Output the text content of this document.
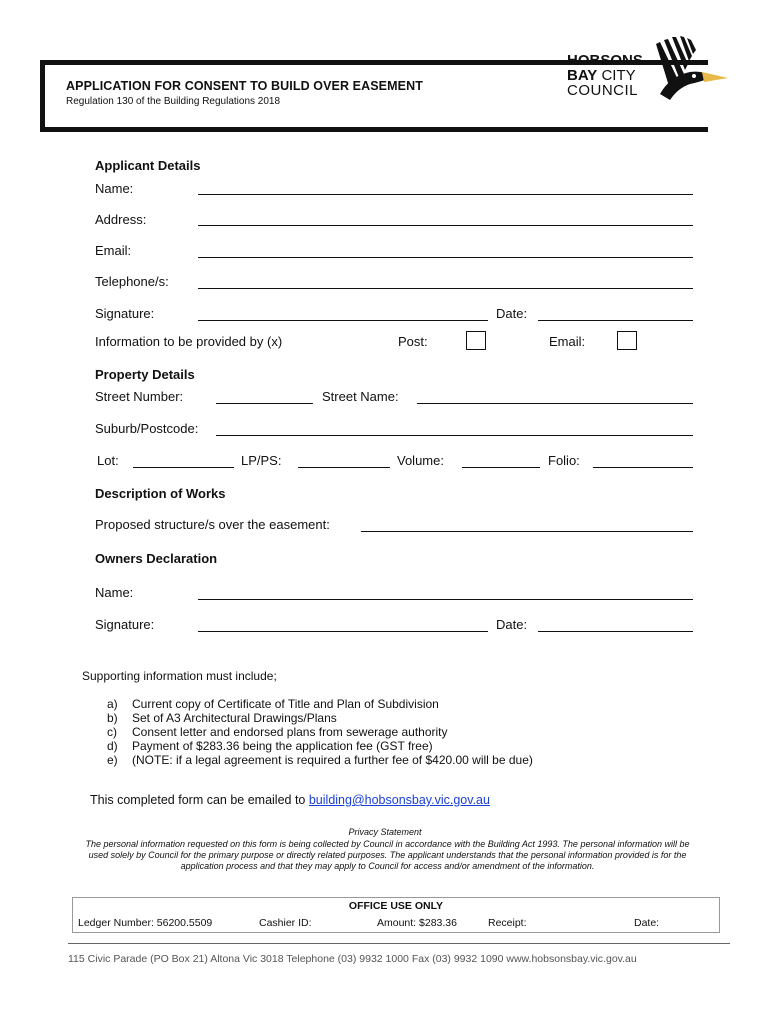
APPLICATION FOR CONSENT TO BUILD OVER EASEMENT
Regulation 130 of the Building Regulations 2018
HOBSONS
BAY CITY
COUNCIL
Applicant Details
Name:
Address:
Email:
Telephone/s:
Signature:	Date:
Information to be provided by (x)	Post:	Email:
Property Details
Street Number:	Street Name:
Suburb/Postcode:
Lot:	LP/PS:	Volume:	Folio:
Description of Works
Proposed structure/s over the easement:
Owners Declaration
Name:
Signature:	Date:
Supporting information must include;
a)	Current copy of Certificate of Title and Plan of Subdivision
b)	Set of A3 Architectural Drawings/Plans
c)	Consent letter and endorsed plans from sewerage authority
d)	Payment of $283.36 being the application fee (GST free)
e)	(NOTE: if a legal agreement is required a further fee of $420.00 will be due)
This completed form can be emailed to building@hobsonsbay.vic.gov.au
Privacy Statement
The personal information requested on this form is being collected by Council in accordance with the Building Act 1993. The personal information will be used solely by Council for the primary purpose or directly related purposes. The applicant understands that the personal information provided is for the application process and that they may apply to Council for access and/or amendment of the information.
OFFICE USE ONLY
Ledger Number: 56200.5509	Cashier ID:	Amount: $283.36	Receipt:	Date:
115 Civic Parade (PO Box 21) Altona Vic 3018 Telephone (03) 9932 1000 Fax (03) 9932 1090 www.hobsonsbay.vic.gov.au
